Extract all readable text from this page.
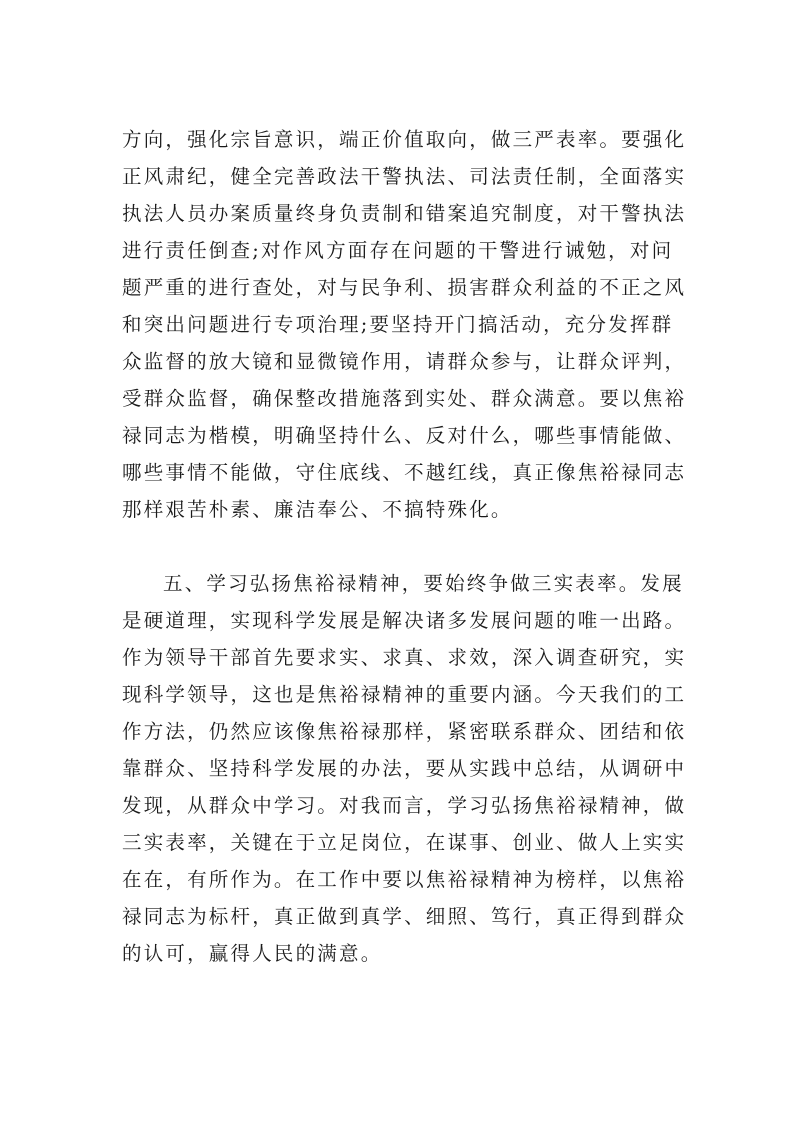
方向，强化宗旨意识，端正价值取向，做三严表率。要强化
正风肃纪，健全完善政法干警执法、司法责任制，全面落实
执法人员办案质量终身负责制和错案追究制度，对干警执法
进行责任倒查;对作风方面存在问题的干警进行诫勉，对问
题严重的进行查处，对与民争利、损害群众利益的不正之风
和突出问题进行专项治理;要坚持开门搞活动，充分发挥群
众监督的放大镜和显微镜作用，请群众参与，让群众评判，
受群众监督，确保整改措施落到实处、群众满意。要以焦裕
禄同志为楷模，明确坚持什么、反对什么，哪些事情能做、
哪些事情不能做，守住底线、不越红线，真正像焦裕禄同志
那样艰苦朴素、廉洁奉公、不搞特殊化。
五、学习弘扬焦裕禄精神，要始终争做三实表率。发展
是硬道理，实现科学发展是解决诸多发展问题的唯一出路。
作为领导干部首先要求实、求真、求效，深入调查研究，实
现科学领导，这也是焦裕禄精神的重要内涵。今天我们的工
作方法，仍然应该像焦裕禄那样，紧密联系群众、团结和依
靠群众、坚持科学发展的办法，要从实践中总结，从调研中
发现，从群众中学习。对我而言，学习弘扬焦裕禄精神，做
三实表率，关键在于立足岗位，在谋事、创业、做人上实实
在在，有所作为。在工作中要以焦裕禄精神为榜样，以焦裕
禄同志为标杆，真正做到真学、细照、笃行，真正得到群众
的认可，赢得人民的满意。
